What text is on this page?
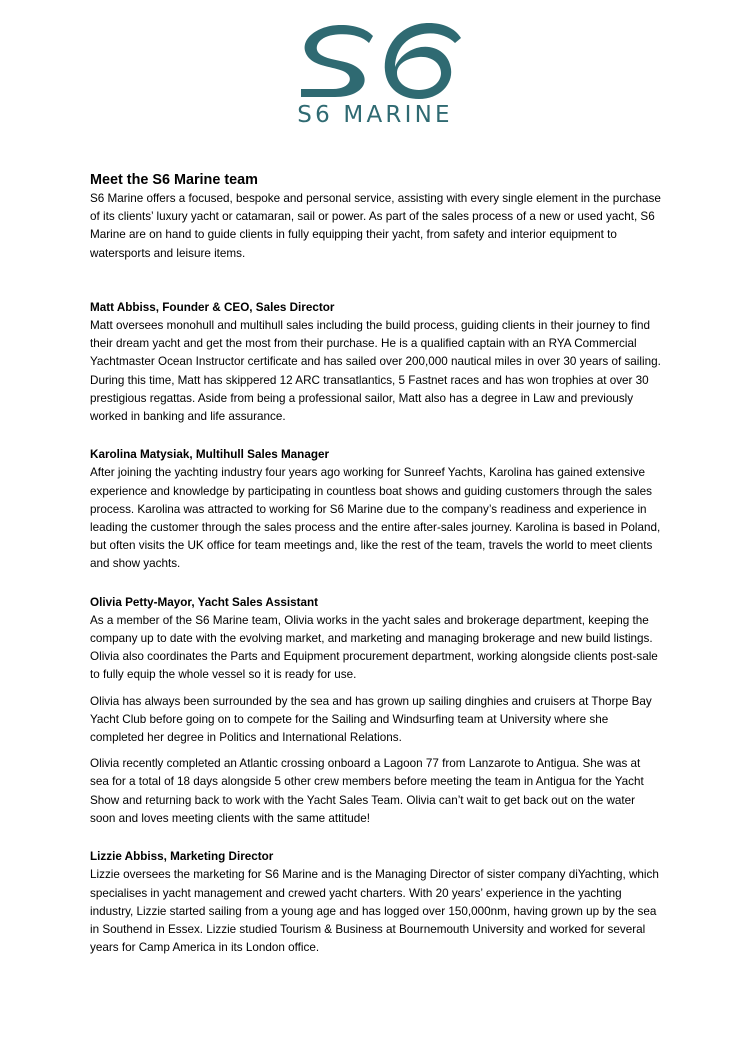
S6 MARINE
Meet the S6 Marine team

S6 Marine offers a focused, bespoke and personal service, assisting with every single element in the purchase of its clients’ luxury yacht or catamaran, sail or power. As part of the sales process of a new or used yacht, S6 Marine are on hand to guide clients in fully equipping their yacht, from safety and interior equipment to watersports and leisure items.

Matt Abbiss, Founder & CEO, Sales Director

Matt oversees monohull and multihull sales including the build process, guiding clients in their journey to find their dream yacht and get the most from their purchase. He is a qualified captain with an RYA Commercial Yachtmaster Ocean Instructor certificate and has sailed over 200,000 nautical miles in over 30 years of sailing. During this time, Matt has skippered 12 ARC transatlantics, 5 Fastnet races and has won trophies at over 30 prestigious regattas. Aside from being a professional sailor, Matt also has a degree in Law and previously worked in banking and life assurance.

Karolina Matysiak, Multihull Sales Manager

After joining the yachting industry four years ago working for Sunreef Yachts, Karolina has gained extensive experience and knowledge by participating in countless boat shows and guiding customers through the sales process. Karolina was attracted to working for S6 Marine due to the company’s readiness and experience in leading the customer through the sales process and the entire after-sales journey. Karolina is based in Poland, but often visits the UK office for team meetings and, like the rest of the team, travels the world to meet clients and show yachts.

Olivia Petty-Mayor, Yacht Sales Assistant

As a member of the S6 Marine team, Olivia works in the yacht sales and brokerage department, keeping the company up to date with the evolving market, and marketing and managing brokerage and new build listings. Olivia also coordinates the Parts and Equipment procurement department, working alongside clients post-sale to fully equip the whole vessel so it is ready for use.

Olivia has always been surrounded by the sea and has grown up sailing dinghies and cruisers at Thorpe Bay Yacht Club before going on to compete for the Sailing and Windsurfing team at University where she completed her degree in Politics and International Relations.

Olivia recently completed an Atlantic crossing onboard a Lagoon 77 from Lanzarote to Antigua. She was at sea for a total of 18 days alongside 5 other crew members before meeting the team in Antigua for the Yacht Show and returning back to work with the Yacht Sales Team. Olivia can’t wait to get back out on the water soon and loves meeting clients with the same attitude!

Lizzie Abbiss, Marketing Director

Lizzie oversees the marketing for S6 Marine and is the Managing Director of sister company diYachting, which specialises in yacht management and crewed yacht charters. With 20 years’ experience in the yachting industry, Lizzie started sailing from a young age and has logged over 150,000nm, having grown up by the sea in Southend in Essex. Lizzie studied Tourism & Business at Bournemouth University and worked for several years for Camp America in its London office.
